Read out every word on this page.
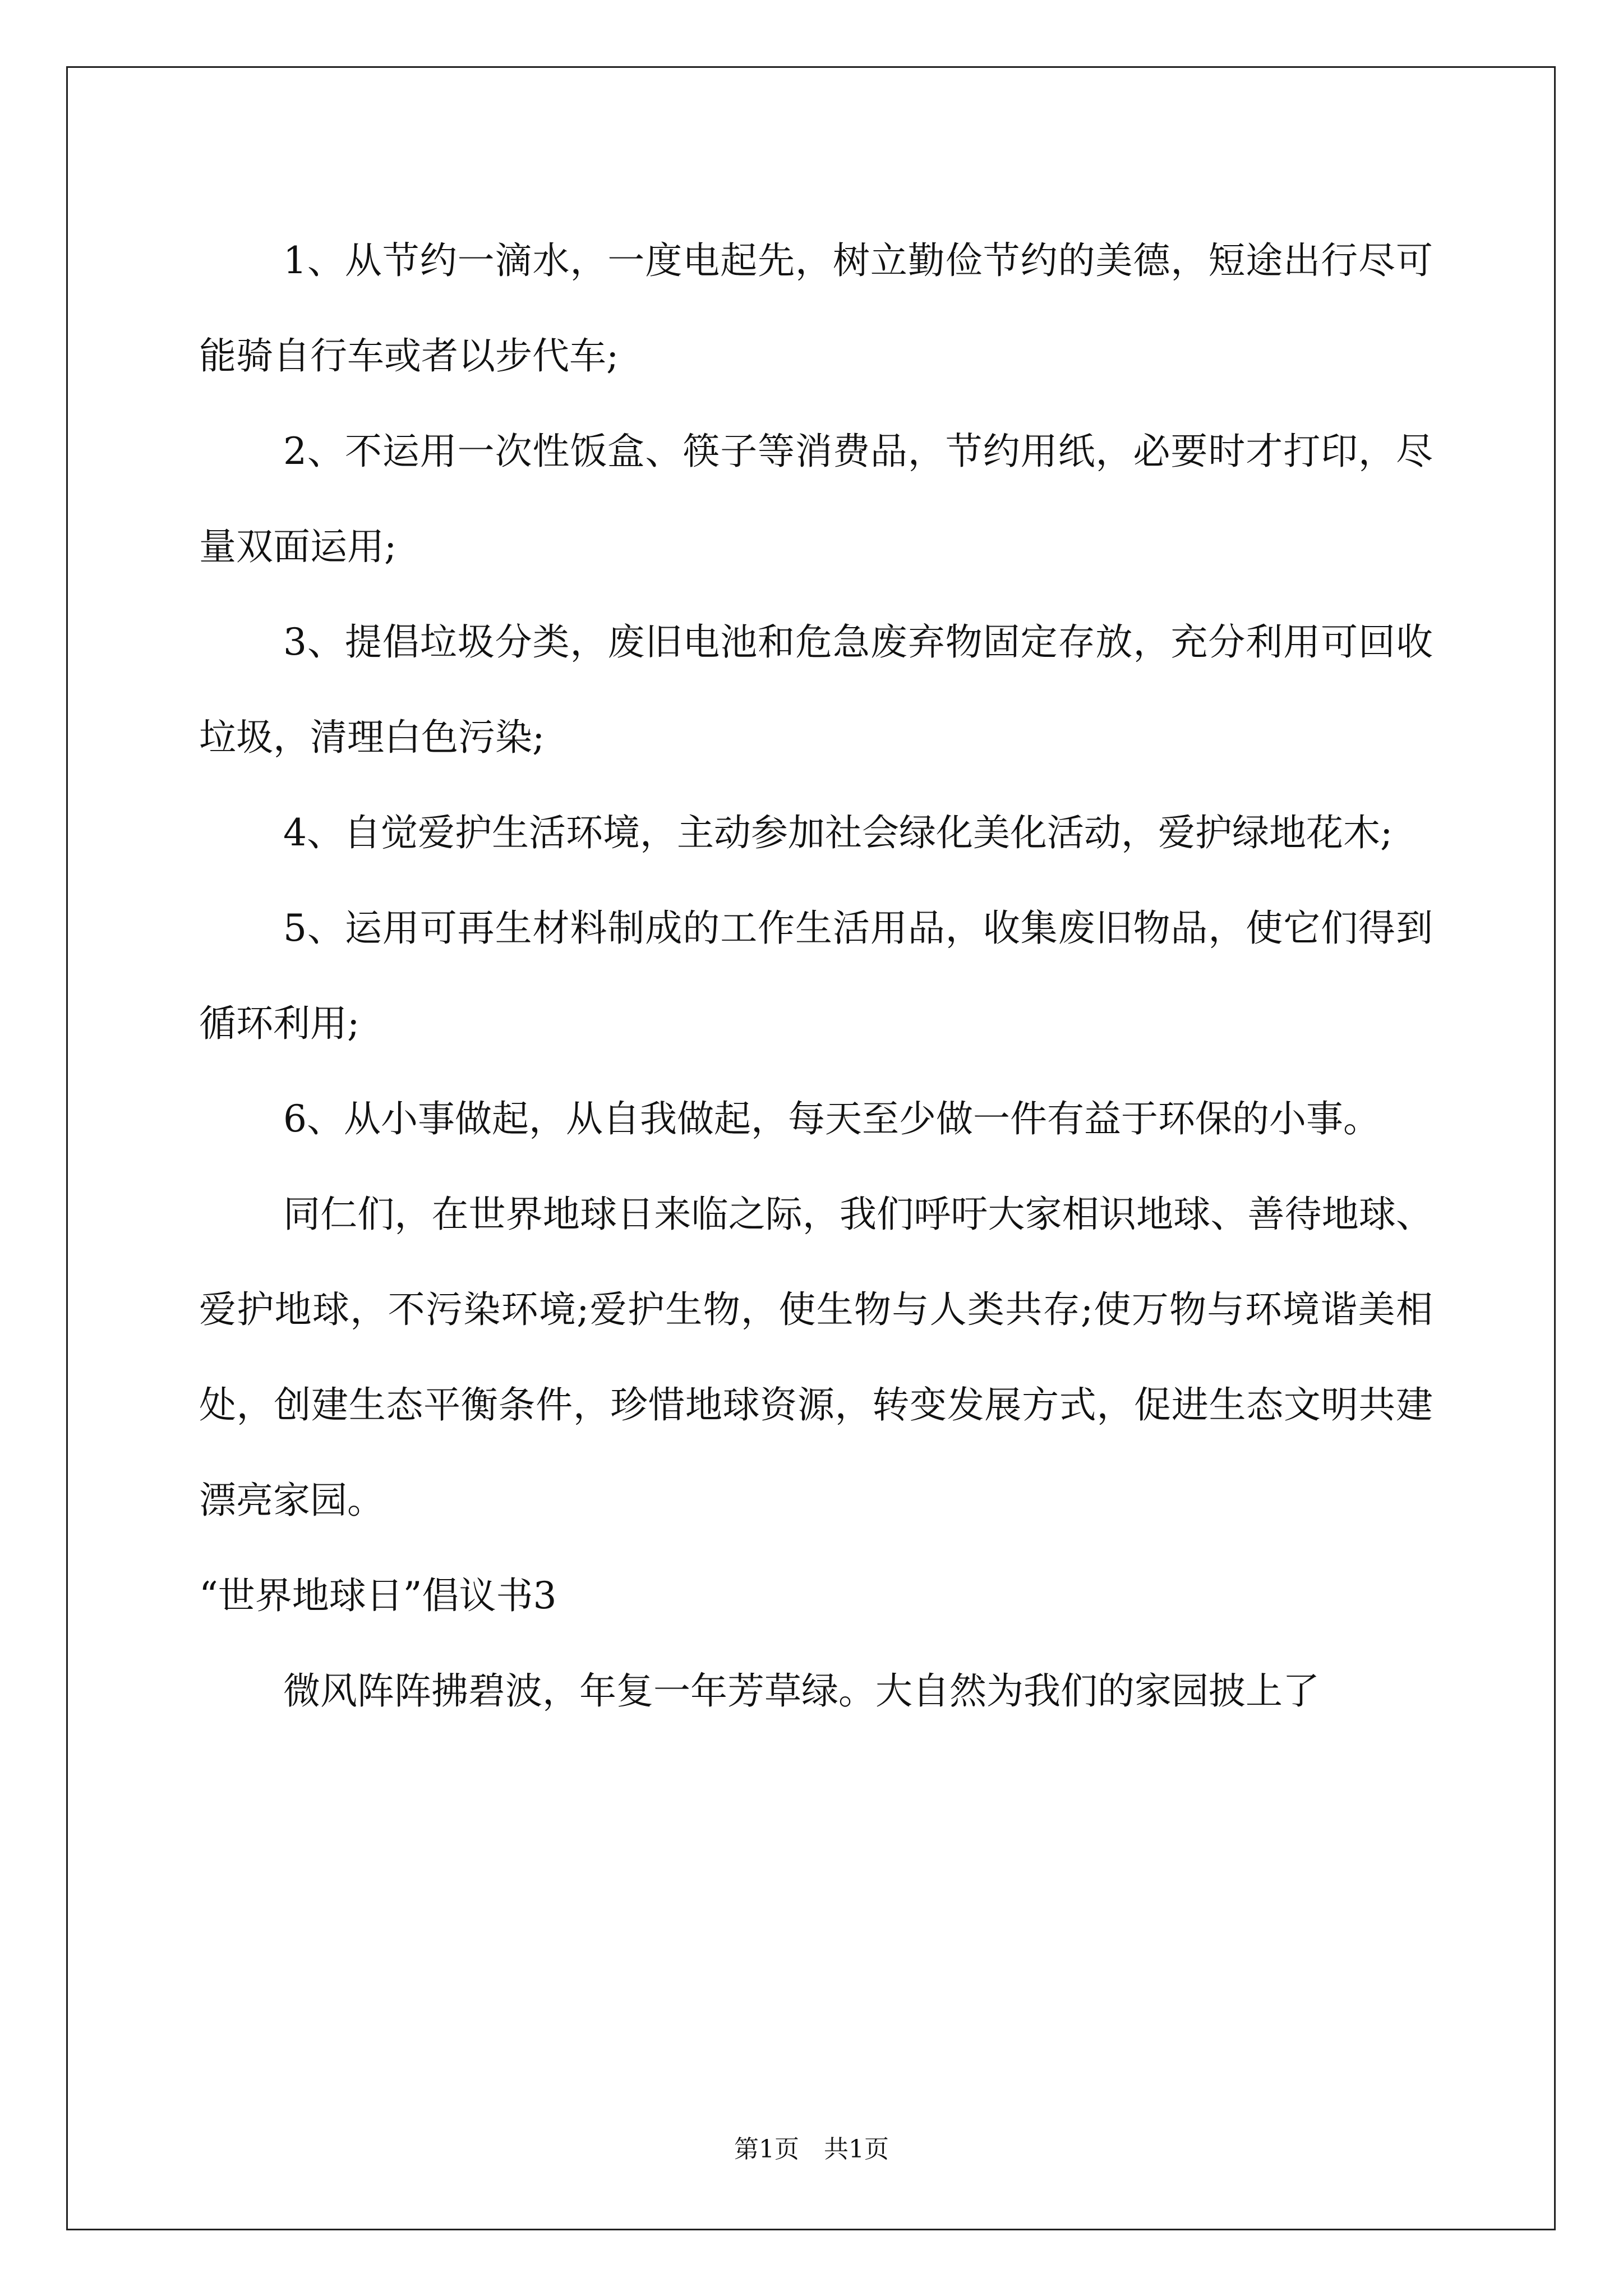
1、从节约一滴水，一度电起先，树立勤俭节约的美德，短途出行尽可能骑自行车或者以步代车;

2、不运用一次性饭盒、筷子等消费品，节约用纸，必要时才打印，尽量双面运用;

3、提倡垃圾分类，废旧电池和危急废弃物固定存放，充分利用可回收垃圾，清理白色污染;

4、自觉爱护生活环境，主动参加社会绿化美化活动，爱护绿地花木;

5、运用可再生材料制成的工作生活用品，收集废旧物品，使它们得到循环利用;

6、从小事做起，从自我做起，每天至少做一件有益于环保的小事。

同仁们，在世界地球日来临之际，我们呼吁大家相识地球、善待地球、爱护地球，不污染环境;爱护生物，使生物与人类共存;使万物与环境谐美相处，创建生态平衡条件，珍惜地球资源，转变发展方式，促进生态文明共建漂亮家园。

“世界地球日”倡议书3

微风阵阵拂碧波，年复一年芳草绿。大自然为我们的家园披上了

第1页　共1页
